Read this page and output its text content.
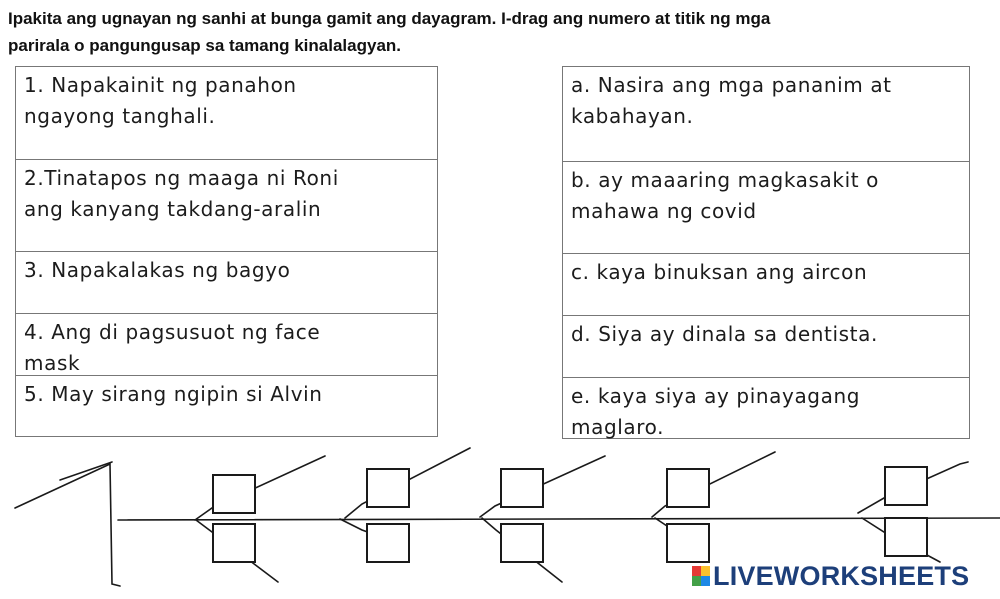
Ipakita ang ugnayan ng sanhi at bunga gamit ang dayagram. I-drag ang numero at titik ng mga
parirala o pangungusap sa tamang kinalalagyan.
1. Napakainit ng panahon
ngayong tanghali.
2.Tinatapos ng maaga ni Roni
ang kanyang takdang-aralin
3. Napakalakas ng bagyo
4. Ang di pagsusuot ng face
mask
5. May sirang ngipin si Alvin
a. Nasira ang mga pananim at
kabahayan.
b. ay maaaring magkasakit o
mahawa ng covid
c. kaya binuksan ang aircon
d. Siya ay dinala sa dentista.
e. kaya siya ay pinayagang
maglaro.
LIVEWORKSHEETS
